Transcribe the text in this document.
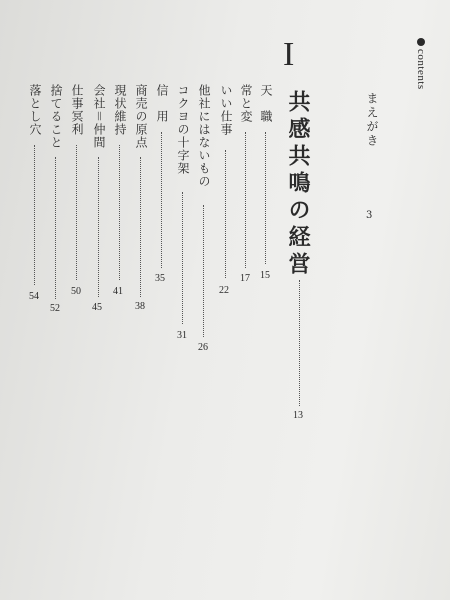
contents
まえがき
3
I
共感共鳴の経営
13
天　職
15
常と変
17
いい仕事
22
他社にはないもの
26
コクヨの十字架
31
信　用
35
商売の原点
38
現状維持
41
会社＝仲間
45
仕事冥利
50
捨てること
52
落とし穴
54
